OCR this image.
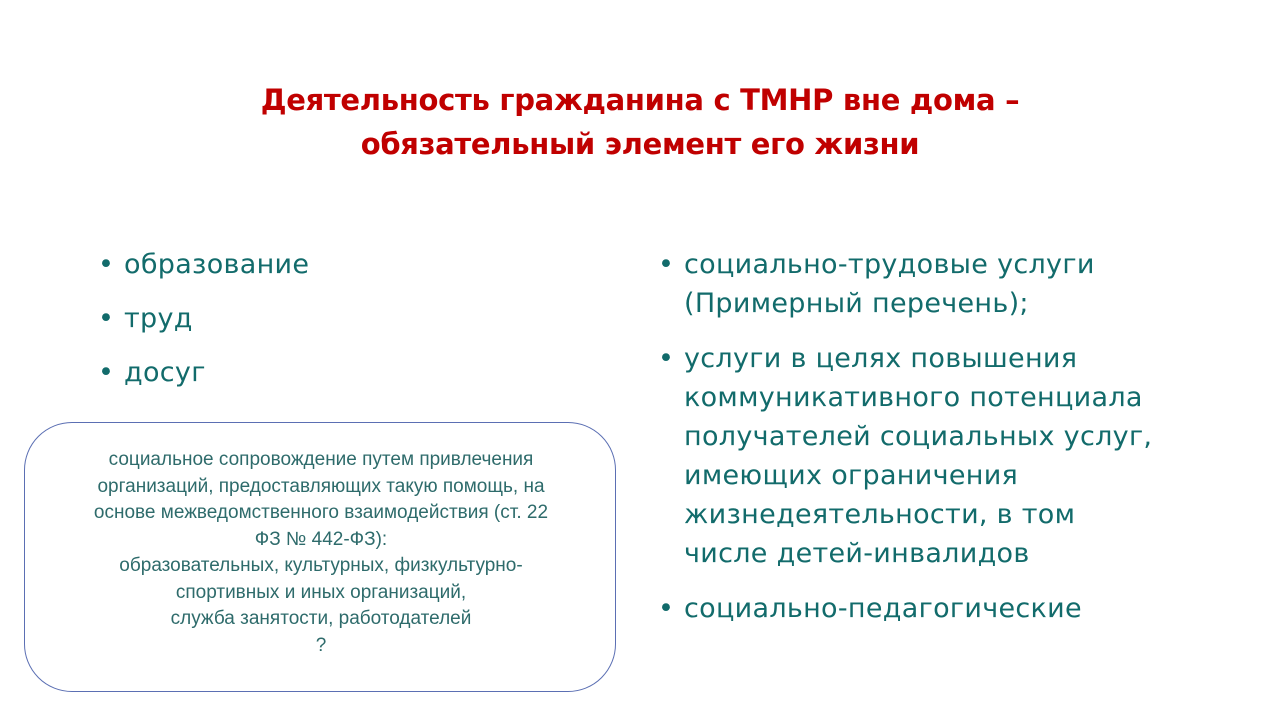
Деятельность гражданина с ТМНР вне дома –
обязательный элемент его жизни
• образование
• труд
• досуг
• социально-трудовые услуги
(Примерный перечень);
• услуги в целях повышения
коммуникативного потенциала
получателей социальных услуг,
имеющих ограничения
жизнедеятельности, в том
числе детей-инвалидов
• социально-педагогические
социальное сопровождение путем привлечения
организаций, предоставляющих такую помощь, на
основе межведомственного взаимодействия (ст. 22
ФЗ № 442-ФЗ):
образовательных, культурных, физкультурно-
спортивных и иных организаций,
служба занятости, работодателей
?
